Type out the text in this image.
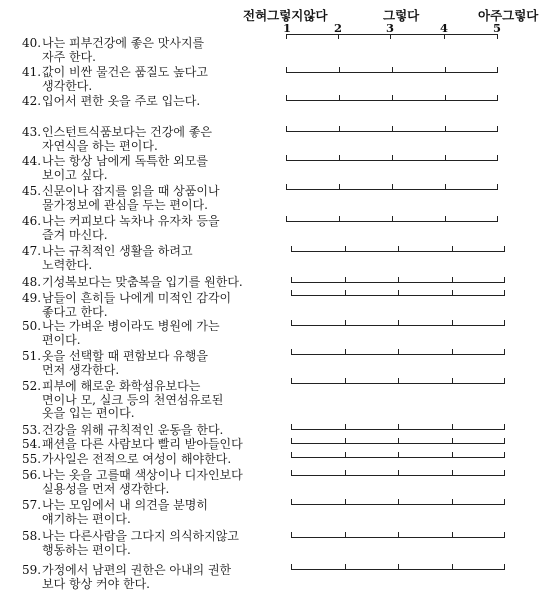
전혀그렇지않다	그렇다	아주그렇다
1	2	3	4	5
40. 나는 피부건강에 좋은 맛사지를
자주 한다.
41. 값이 비싼 물건은 품질도 높다고
생각한다.
42. 입어서 편한 옷을 주로 입는다.
43. 인스턴트식품보다는 건강에 좋은
자연식을 하는 편이다.
44. 나는 항상 남에게 독특한 외모를
보이고 싶다.
45. 신문이나 잡지를 읽을 때 상품이나
물가정보에 관심을 두는 편이다.
46. 나는 커피보다 녹차나 유자차 등을
즐겨 마신다.
47. 나는 규칙적인 생활을 하려고
노력한다.
48. 기성복보다는 맞춤복을 입기를 원한다.
49. 남들이 흔히들 나에게 미적인 감각이
좋다고 한다.
50. 나는 가벼운 병이라도 병원에 가는
편이다.
51. 옷을 선택할 때 편함보다 유행을
먼저 생각한다.
52. 피부에 해로운 화학섬유보다는
면이나 모, 실크 등의 천연섬유로된
옷을 입는 편이다.
53. 건강을 위해 규칙적인 운동을 한다.
54. 패션을 다른 사람보다 빨리 받아들인다
55. 가사일은 전적으로 여성이 해야한다.
56. 나는 옷을 고를때 색상이나 디자인보다
실용성을 먼저 생각한다.
57. 나는 모임에서 내 의견을 분명히
얘기하는 편이다.
58. 나는 다른사람을 그다지 의식하지않고
행동하는 편이다.
59. 가정에서 남편의 권한은 아내의 권한
보다 항상 커야 한다.
